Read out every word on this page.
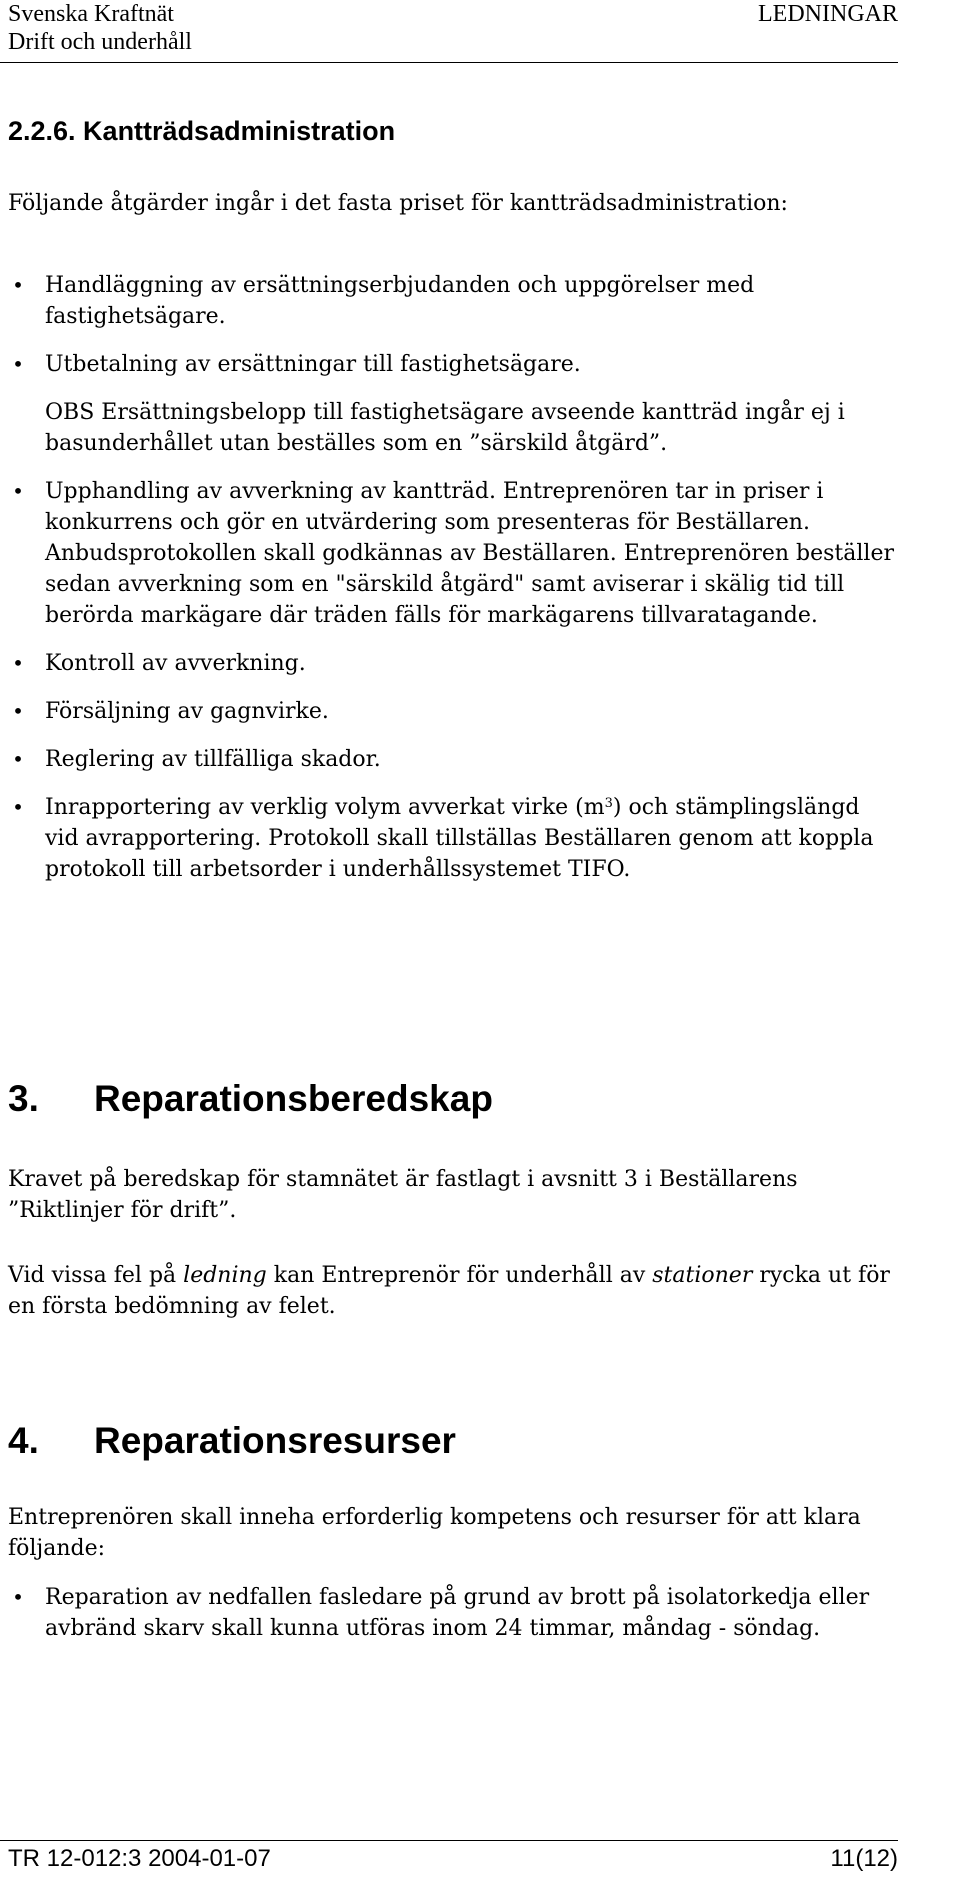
Svenska Kraftnät
Drift och underhåll
LEDNINGAR
2.2.6. Kantträdsadministration
Följande åtgärder ingår i det fasta priset för kantträdsadministration:
• Handläggning av ersättningserbjudanden och uppgörelser med fastighetsägare.
• Utbetalning av ersättningar till fastighetsägare.
OBS Ersättningsbelopp till fastighetsägare avseende kantträd ingår ej i basunderhållet utan beställes som en ”särskild åtgärd”.
• Upphandling av avverkning av kantträd. Entreprenören tar in priser i konkurrens och gör en utvärdering som presenteras för Beställaren. Anbudsprotokollen skall godkännas av Beställaren. Entreprenören beställer sedan avverkning som en "särskild åtgärd" samt aviserar i skälig tid till berörda markägare där träden fälls för markägarens tillvaratagande.
• Kontroll av avverkning.
• Försäljning av gagnvirke.
• Reglering av tillfälliga skador.
• Inrapportering av verklig volym avverkat virke $(m^3)$ och stämplingslängd vid avrapportering. Protokoll skall tillställas Beställaren genom att koppla protokoll till arbetsorder i underhållssystemet TIFO.
3. Reparationsberedskap
Kravet på beredskap för stamnätet är fastlagt i avsnitt 3 i Beställarens ”Riktlinjer för drift”.
Vid vissa fel på ledning kan Entreprenör för underhåll av stationer rycka ut för en första bedömning av felet.
4. Reparationsresurser
Entreprenören skall inneha erforderlig kompetens och resurser för att klara följande:
• Reparation av nedfallen fasledare på grund av brott på isolatorkedja eller avbränd skarv skall kunna utföras inom 24 timmar, måndag - söndag.
TR 12-012:3 2004-01-07	11(12)
